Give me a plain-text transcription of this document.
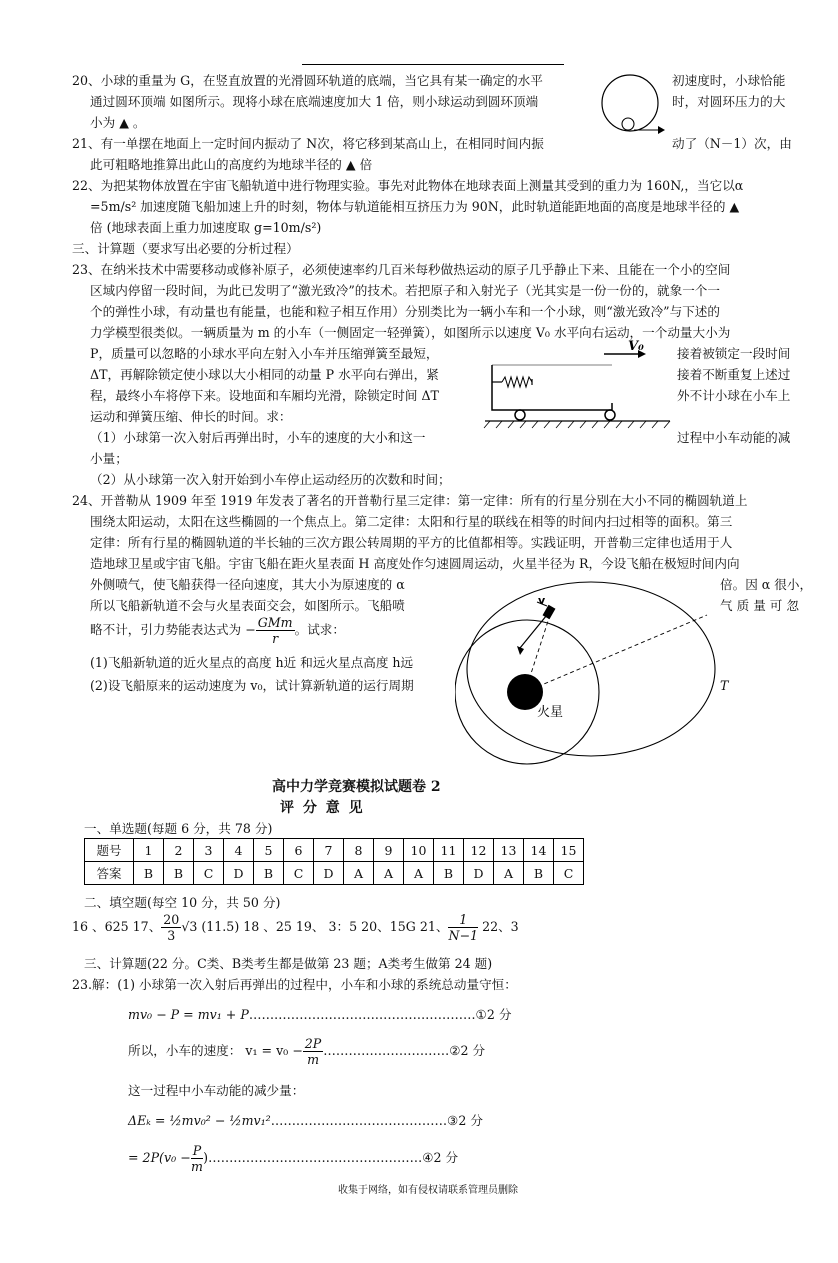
20、小球的重量为 G，在竖直放置的光滑圆环轨道的底端，当它具有某一确定的水平	初速度时，小球恰能
通过圆环顶端 如图所示。现将小球在底端速度加大 1 倍，则小球运动到圆环顶端	时，对圆环压力的大
小为 ▲ 。
21、有一单摆在地面上一定时间内振动了 N次，将它移到某高山上，在相同时间内振	动了（N－1）次，由
此可粗略地推算出此山的高度约为地球半径的 ▲ 倍
22、为把某物体放置在宇宙飞船轨道中进行物理实验。事先对此物体在地球表面上测量其受到的重力为 160N,，当它以α
=5m/s² 加速度随飞船加速上升的时刻，物体与轨道能相互挤压力为 90N，此时轨道能距地面的高度是地球半径的 ▲
倍 (地球表面上重力加速度取 g=10m/s²)
三、计算题（要求写出必要的分析过程）
23、在纳米技术中需要移动或修补原子，必须使速率约几百米每秒做热运动的原子几乎静止下来、且能在一个小的空间
区域内停留一段时间，为此已发明了“激光致冷”的技术。若把原子和入射光子（光其实是一份一份的，就象一个一
个的弹性小球，有动量也有能量，也能和粒子相互作用）分别类比为一辆小车和一个小球，则“激光致冷”与下述的
力学模型很类似。一辆质量为 m 的小车（一侧固定一轻弹簧），如图所示以速度 V₀ 水平向右运动，一个动量大小为
P，质量可以忽略的小球水平向左射入小车并压缩弹簧至最短，	接着被锁定一段时间
ΔT，再解除锁定使小球以大小相同的动量 P 水平向右弹出，紧	接着不断重复上述过
程，最终小车将停下来。设地面和车厢均光滑，除锁定时间 ΔT	外不计小球在小车上
运动和弹簧压缩、伸长的时间。求：
（1）小球第一次入射后再弹出时，小车的速度的大小和这一	过程中小车动能的减
小量；
（2）从小球第一次入射开始到小车停止运动经历的次数和时间；
V₀
24、开普勒从 1909 年至 1919 年发表了著名的开普勒行星三定律：第一定律：所有的行星分别在大小不同的椭圆轨道上
围绕太阳运动，太阳在这些椭圆的一个焦点上。第二定律：太阳和行星的联线在相等的时间内扫过相等的面积。第三
定律：所有行星的椭圆轨道的半长轴的三次方跟公转周期的平方的比值都相等。实践证明，开普勒三定律也适用于人
造地球卫星或宇宙飞船。宇宙飞船在距火星表面 H 高度处作匀速圆周运动，火星半径为 R，今设飞船在极短时间内向
外侧喷气，使飞船获得一径向速度，其大小为原速度的 α	倍。因 α 很小，
所以飞船新轨道不会与火星表面交会，如图所示。飞船喷	气 质 量 可 忽
略不计，引力势能表达式为 − $\frac{\text{GMm}}{r}$ 。试求：
(1)飞船新轨道的近火星点的高度 h近 和远火星点高度 h远
(2)设飞船原来的运动速度为 v₀，试计算新轨道的运行周期	T
v
火星
高中力学竞赛模拟试题卷 2
评 分 意 见
一、单选题(每题 6 分，共 78 分)
题号	1	2	3	4	5	6	7	8	9	10	11	12	13	14	15
答案	B	B	C	D	B	C	D	A	A	A	B	D	A	B	C
二、填空题(每空 10 分，共 50 分)
16 、625 17、 $\frac{20}{3} √3$ (11.5) 18 、25 19、 3：5 20、15G 21、 $\frac{1}{N-1} 22$、3
三、计算题(22 分。C类、B类考生都是做第 23 题；A类考生做第 24 题)
23.解：(1) 小球第一次入射后再弹出的过程中，小车和小球的系统总动量守恒：
mv₀ − P = mv₁ + P………………………………………………①2 分
所以，小车的速度： $v_1 = v_0 - \frac{2P}{m}$ …………………………②2 分
这一过程中小车动能的减少量：
ΔEₖ = ½mv₀² − ½mv₁²……………………………………③2 分
= $2P(v_0 - \frac{P}{m}$ )……………………………………………④2 分
收集于网络，如有侵权请联系管理员删除
